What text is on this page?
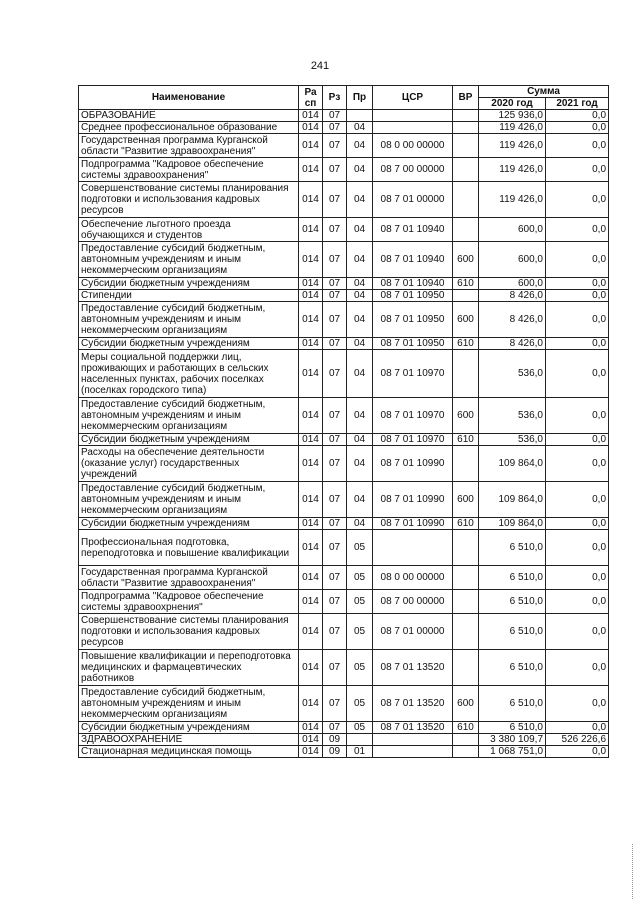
241
Наименование	Ра сп	Рз	Пр	ЦСР	ВР	Сумма	
						2020 год	2021 год
ОБРАЗОВАНИЕ	014	07				125 936,0	0,0
Среднее профессиональное образование	014	07	04			119 426,0	0,0
Государственная программа Курганской области "Развитие здравоохранения"	014	07	04	08 0 00 00000		119 426,0	0,0
Подпрограмма "Кадровое обеспечение системы здравоохранения"	014	07	04	08 7 00 00000		119 426,0	0,0
Совершенствование системы планирования подготовки и использования кадровых ресурсов	014	07	04	08 7 01 00000		119 426,0	0,0
Обеспечение льготного проезда обучающихся и студентов	014	07	04	08 7 01 10940		600,0	0,0
Предоставление субсидий бюджетным, автономным учреждениям и иным некоммерческим организациям	014	07	04	08 7 01 10940	600	600,0	0,0
Субсидии бюджетным учреждениям	014	07	04	08 7 01 10940	610	600,0	0,0
Стипендии	014	07	04	08 7 01 10950		8 426,0	0,0
Предоставление субсидий бюджетным, автономным учреждениям и иным некоммерческим организациям	014	07	04	08 7 01 10950	600	8 426,0	0,0
Субсидии бюджетным учреждениям	014	07	04	08 7 01 10950	610	8 426,0	0,0
Меры социальной поддержки лиц, проживающих и работающих в сельских населенных пунктах, рабочих поселках (поселках городского типа)	014	07	04	08 7 01 10970		536,0	0,0
Предоставление субсидий бюджетным, автономным учреждениям и иным некоммерческим организациям	014	07	04	08 7 01 10970	600	536,0	0,0
Субсидии бюджетным учреждениям	014	07	04	08 7 01 10970	610	536,0	0,0
Расходы на обеспечение деятельности (оказание услуг) государственных учреждений	014	07	04	08 7 01 10990		109 864,0	0,0
Предоставление субсидий бюджетным, автономным учреждениям и иным некоммерческим организациям	014	07	04	08 7 01 10990	600	109 864,0	0,0
Субсидии бюджетным учреждениям	014	07	04	08 7 01 10990	610	109 864,0	0,0
Профессиональная подготовка, переподготовка и повышение квалификации	014	07	05			6 510,0	0,0
Государственная программа Курганской области "Развитие здравоохранения"	014	07	05	08 0 00 00000		6 510,0	0,0
Подпрограмма "Кадровое обеспечение системы здравоохрнения"	014	07	05	08 7 00 00000		6 510,0	0,0
Совершенствование системы планирования подготовки и использования кадровых ресурсов	014	07	05	08 7 01 00000		6 510,0	0,0
Повышение квалификации и переподготовка медицинских и фармацевтических работников	014	07	05	08 7 01 13520		6 510,0	0,0
Предоставление субсидий бюджетным, автономным учреждениям и иным некоммерческим организациям	014	07	05	08 7 01 13520	600	6 510,0	0,0
Субсидии бюджетным учреждениям	014	07	05	08 7 01 13520	610	6 510,0	0,0
ЗДРАВООХРАНЕНИЕ	014	09				3 380 109,7	526 226,6
Стационарная медицинская помощь	014	09	01			1 068 751,0	0,0
